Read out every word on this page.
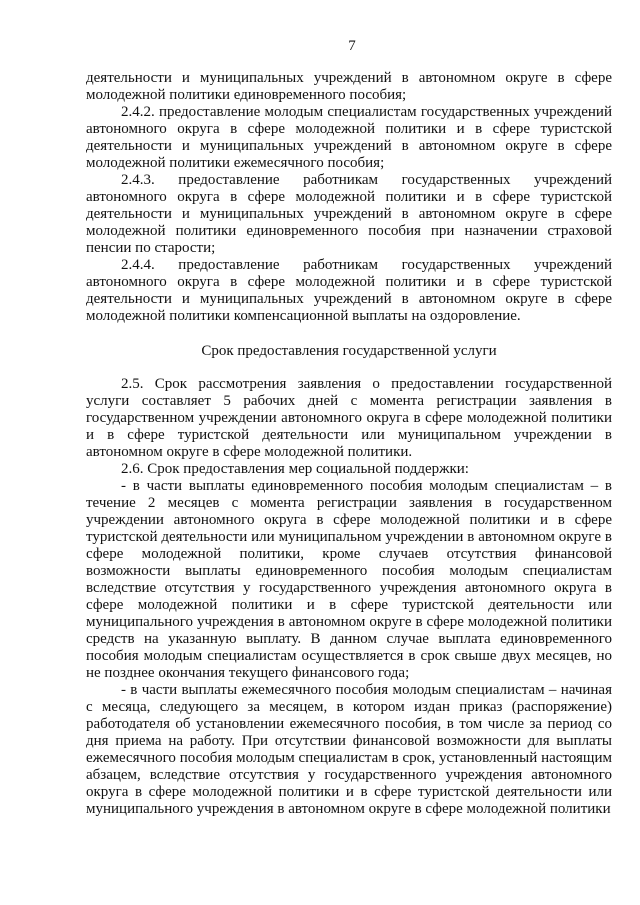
7

деятельности и муниципальных учреждений в автономном округе в сфере молодежной политики единовременного пособия;

2.4.2. предоставление молодым специалистам государственных учреждений автономного округа в сфере молодежной политики и в сфере туристской деятельности и муниципальных учреждений в автономном округе в сфере молодежной политики ежемесячного пособия;

2.4.3. предоставление работникам государственных учреждений автономного округа в сфере молодежной политики и в сфере туристской деятельности и муниципальных учреждений в автономном округе в сфере молодежной политики единовременного пособия при назначении страховой пенсии по старости;

2.4.4. предоставление работникам государственных учреждений автономного округа в сфере молодежной политики и в сфере туристской деятельности и муниципальных учреждений в автономном округе в сфере молодежной политики компенсационной выплаты на оздоровление.

Срок предоставления государственной услуги

2.5. Срок рассмотрения заявления о предоставлении государственной услуги составляет 5 рабочих дней с момента регистрации заявления в государственном учреждении автономного округа в сфере молодежной политики и в сфере туристской деятельности или муниципальном учреждении в автономном округе в сфере молодежной политики.

2.6. Срок предоставления мер социальной поддержки:

- в части выплаты единовременного пособия молодым специалистам – в течение 2 месяцев с момента регистрации заявления в государственном учреждении автономного округа в сфере молодежной политики и в сфере туристской деятельности или муниципальном учреждении в автономном округе в сфере молодежной политики, кроме случаев отсутствия финансовой возможности выплаты единовременного пособия молодым специалистам вследствие отсутствия у государственного учреждения автономного округа в сфере молодежной политики и в сфере туристской деятельности или муниципального учреждения в автономном округе в сфере молодежной политики средств на указанную выплату. В данном случае выплата единовременного пособия молодым специалистам осуществляется в срок свыше двух месяцев, но не позднее окончания текущего финансового года;

- в части выплаты ежемесячного пособия молодым специалистам – начиная с месяца, следующего за месяцем, в котором издан приказ (распоряжение) работодателя об установлении ежемесячного пособия, в том числе за период со дня приема на работу. При отсутствии финансовой возможности для выплаты ежемесячного пособия молодым специалистам в срок, установленный настоящим абзацем, вследствие отсутствия у государственного учреждения автономного округа в сфере молодежной политики и в сфере туристской деятельности или муниципального учреждения в автономном округе в сфере молодежной политики
